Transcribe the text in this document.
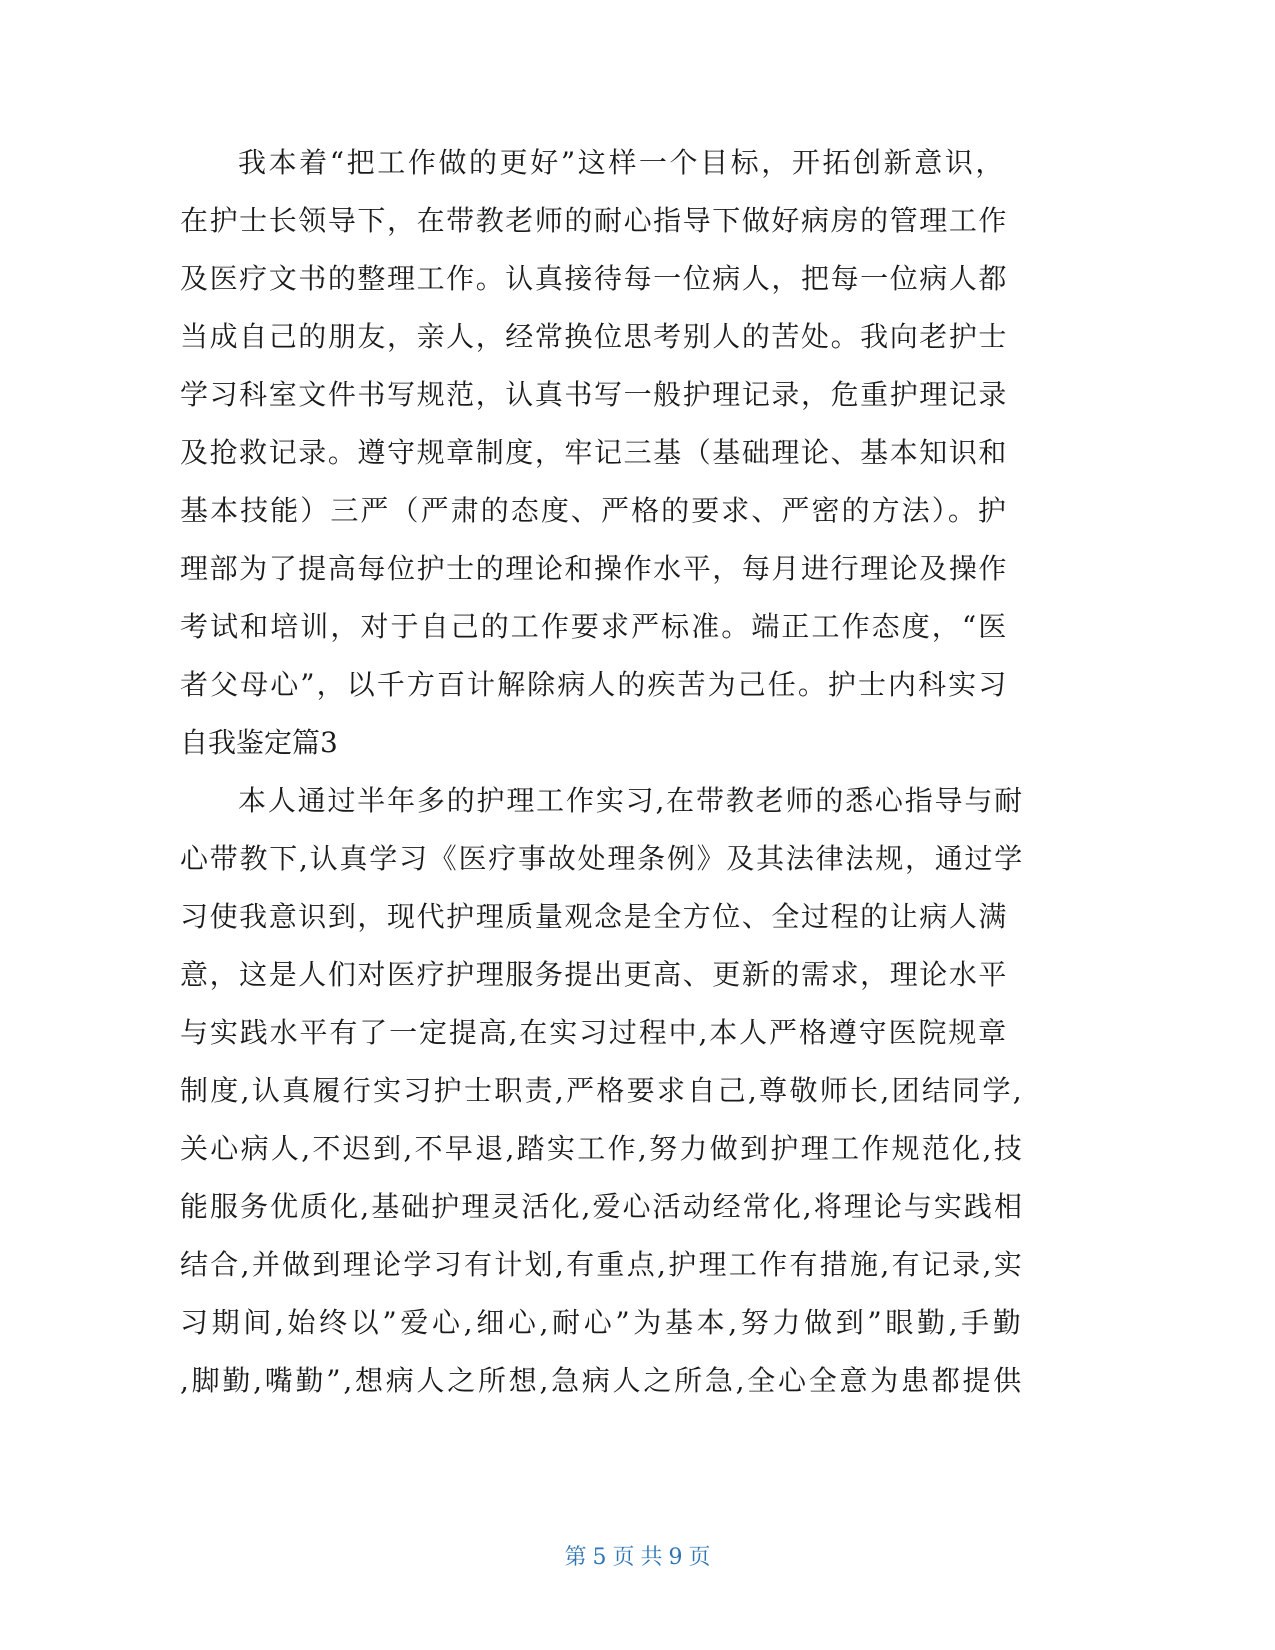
我本着“把工作做的更好”这样一个目标，开拓创新意识，
在护士长领导下，在带教老师的耐心指导下做好病房的管理工作
及医疗文书的整理工作。认真接待每一位病人，把每一位病人都
当成自己的朋友，亲人，经常换位思考别人的苦处。我向老护士
学习科室文件书写规范，认真书写一般护理记录，危重护理记录
及抢救记录。遵守规章制度，牢记三基（基础理论、基本知识和
基本技能）三严（严肃的态度、严格的要求、严密的方法）。护
理部为了提高每位护士的理论和操作水平，每月进行理论及操作
考试和培训，对于自己的工作要求严标准。端正工作态度，“医
者父母心”，以千方百计解除病人的疾苦为己任。护士内科实习
自我鉴定篇3
本人通过半年多的护理工作实习,在带教老师的悉心指导与耐
心带教下,认真学习《医疗事故处理条例》及其法律法规，通过学
习使我意识到，现代护理质量观念是全方位、全过程的让病人满
意，这是人们对医疗护理服务提出更高、更新的需求，理论水平
与实践水平有了一定提高,在实习过程中,本人严格遵守医院规章
制度,认真履行实习护士职责,严格要求自己,尊敬师长,团结同学,
关心病人,不迟到,不早退,踏实工作,努力做到护理工作规范化,技
能服务优质化,基础护理灵活化,爱心活动经常化,将理论与实践相
结合,并做到理论学习有计划,有重点,护理工作有措施,有记录,实
习期间,始终以”爱心,细心,耐心”为基本,努力做到”眼勤,手勤
,脚勤,嘴勤”,想病人之所想,急病人之所急,全心全意为患都提供
第 5 页 共 9 页
